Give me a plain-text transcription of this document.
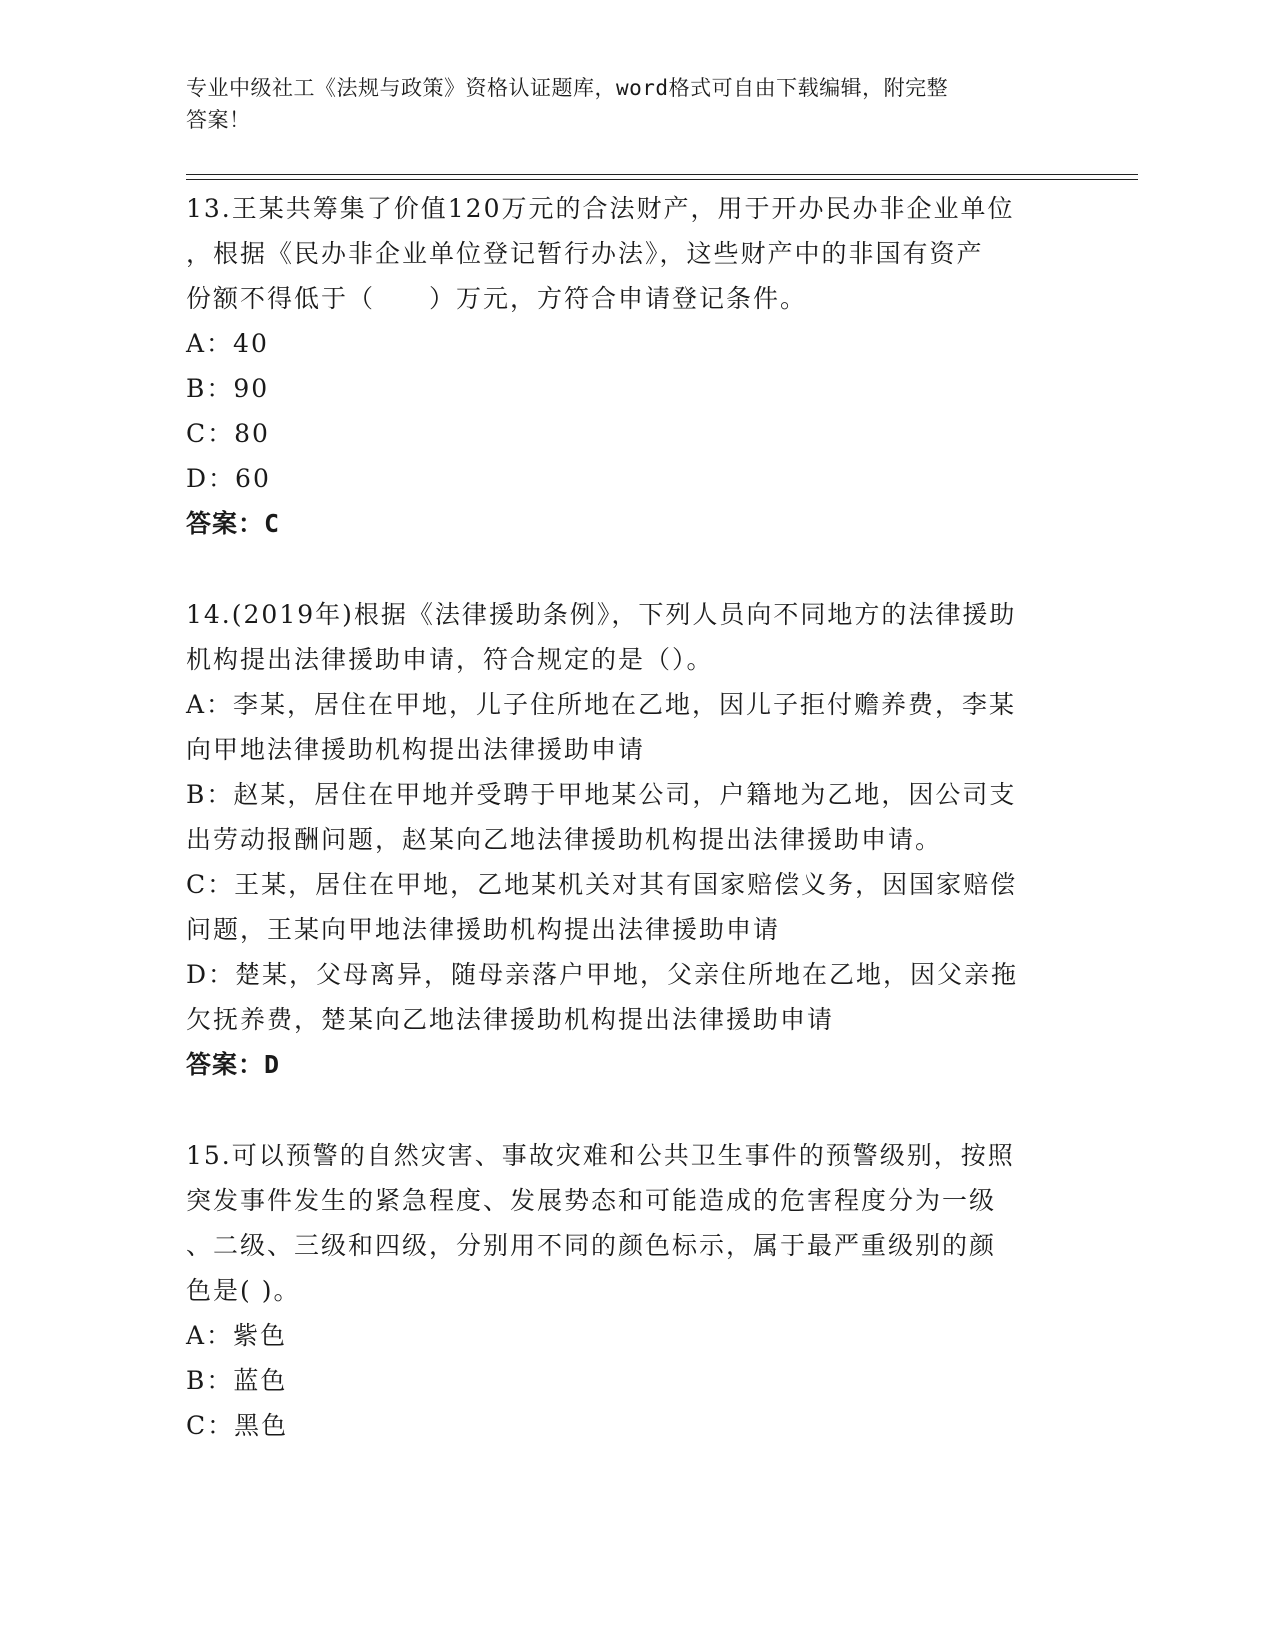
专业中级社工《法规与政策》资格认证题库，word格式可自由下载编辑，附完整
答案！

13.王某共筹集了价值120万元的合法财产，用于开办民办非企业单位

，根据《民办非企业单位登记暂行办法》，这些财产中的非国有资产

份额不得低于（　　）万元，方符合申请登记条件。

A：40

B：90

C：80

D：60

答案：C

14.(2019年)根据《法律援助条例》，下列人员向不同地方的法律援助

机构提出法律援助申请，符合规定的是（）。

A：李某，居住在甲地，儿子住所地在乙地，因儿子拒付赡养费，李某

向甲地法律援助机构提出法律援助申请

B：赵某，居住在甲地并受聘于甲地某公司，户籍地为乙地，因公司支

出劳动报酬问题，赵某向乙地法律援助机构提出法律援助申请。

C：王某，居住在甲地，乙地某机关对其有国家赔偿义务，因国家赔偿

问题，王某向甲地法律援助机构提出法律援助申请

D：楚某，父母离异，随母亲落户甲地，父亲住所地在乙地，因父亲拖

欠抚养费，楚某向乙地法律援助机构提出法律援助申请

答案：D

15.可以预警的自然灾害、事故灾难和公共卫生事件的预警级别，按照

突发事件发生的紧急程度、发展势态和可能造成的危害程度分为一级

、二级、三级和四级，分别用不同的颜色标示，属于最严重级别的颜

色是( )。

A：紫色

B：蓝色

C：黑色
